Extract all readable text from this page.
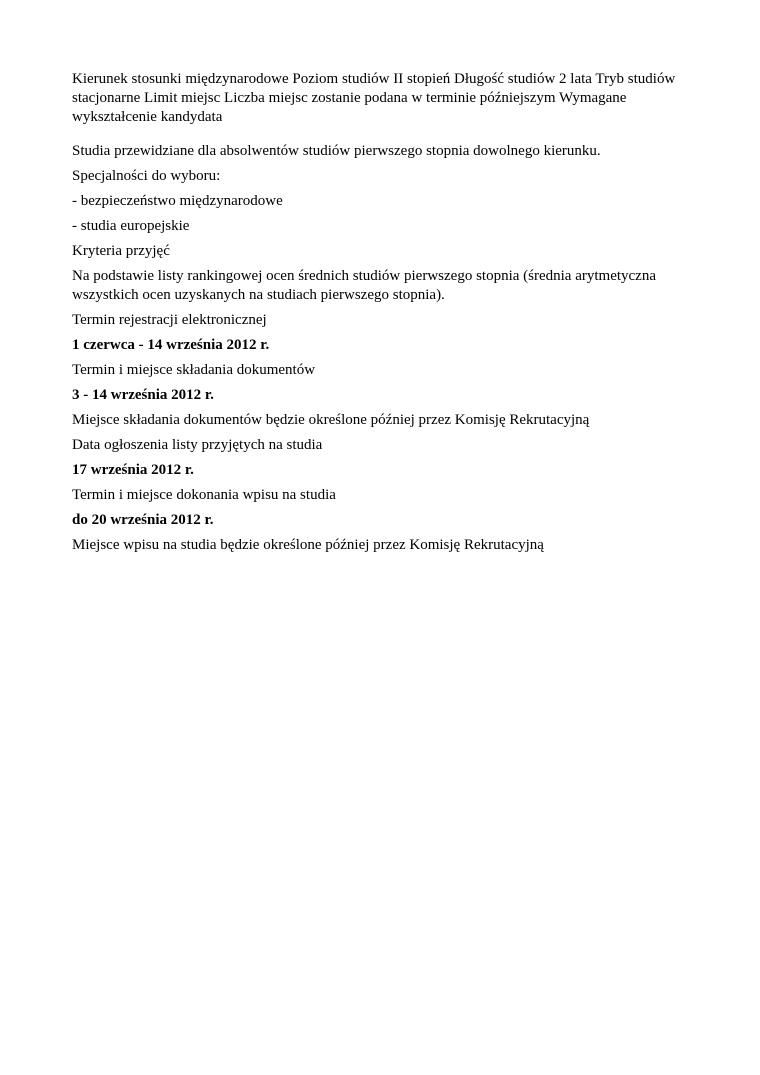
Kierunek stosunki międzynarodowe Poziom studiów II stopień Długość studiów 2 lata Tryb studiów stacjonarne Limit miejsc Liczba miejsc zostanie podana w terminie późniejszym Wymagane wykształcenie kandydata

Studia przewidziane dla absolwentów studiów pierwszego stopnia dowolnego kierunku.

Specjalności do wyboru:

- bezpieczeństwo międzynarodowe

- studia europejskie

Kryteria przyjęć

Na podstawie listy rankingowej ocen średnich studiów pierwszego stopnia (średnia arytmetyczna wszystkich ocen uzyskanych na studiach pierwszego stopnia).

Termin rejestracji elektronicznej

1 czerwca - 14 września 2012 r.

Termin i miejsce składania dokumentów

3 - 14 września 2012 r.

Miejsce składania dokumentów będzie określone później przez Komisję Rekrutacyjną

Data ogłoszenia listy przyjętych na studia

17 września 2012 r.

Termin i miejsce dokonania wpisu na studia

do 20 września 2012 r.

Miejsce wpisu na studia będzie określone później przez Komisję Rekrutacyjną
